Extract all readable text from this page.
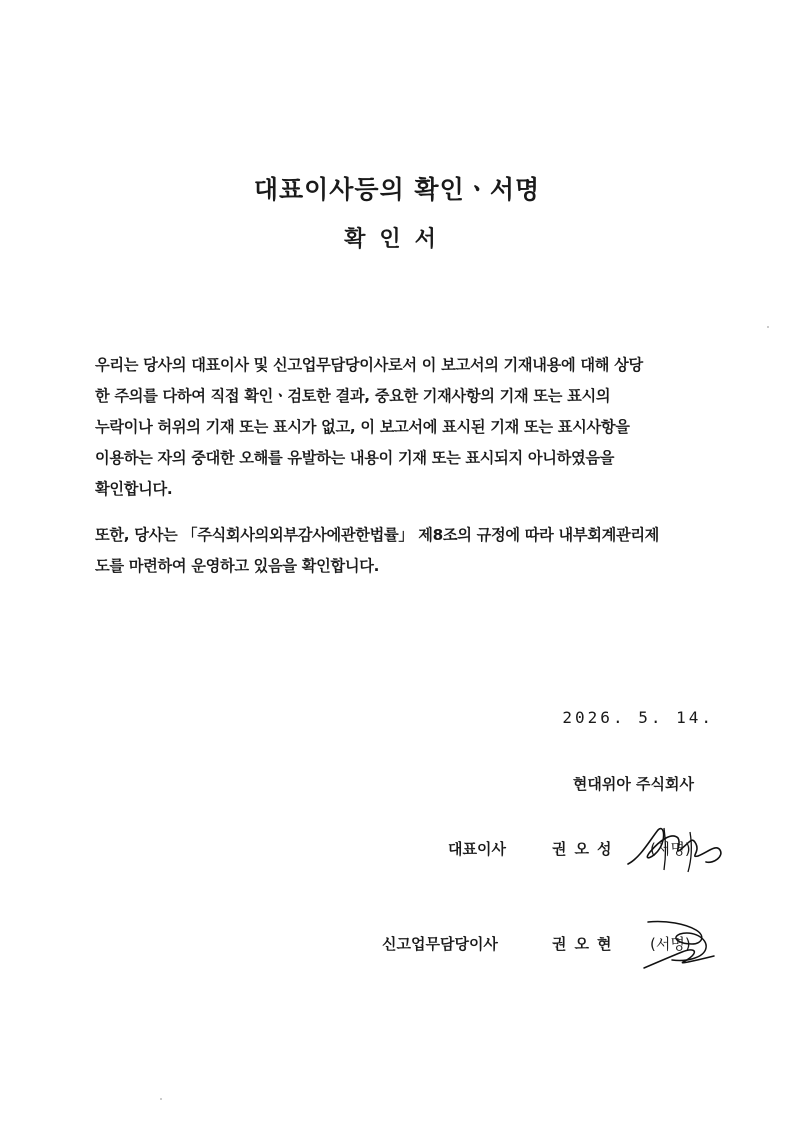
대표이사등의 확인ㆍ서명
확인서
우리는 당사의 대표이사 및 신고업무담당이사로서 이 보고서의 기재내용에 대해 상당
한 주의를 다하여 직접 확인ㆍ검토한 결과, 중요한 기재사항의 기재 또는 표시의
누락이나 허위의 기재 또는 표시가 없고, 이 보고서에 표시된 기재 또는 표시사항을
이용하는 자의 중대한 오해를 유발하는 내용이 기재 또는 표시되지 아니하였음을
확인합니다.
또한, 당사는 「주식회사의외부감사에관한법률」 제8조의 규정에 따라 내부회계관리제
도를 마련하여 운영하고 있음을 확인합니다.
2026. 5. 14.
현대위아 주식회사
대표이사	권오성 (서명)
신고업무담당이사	권오현 (서명)
